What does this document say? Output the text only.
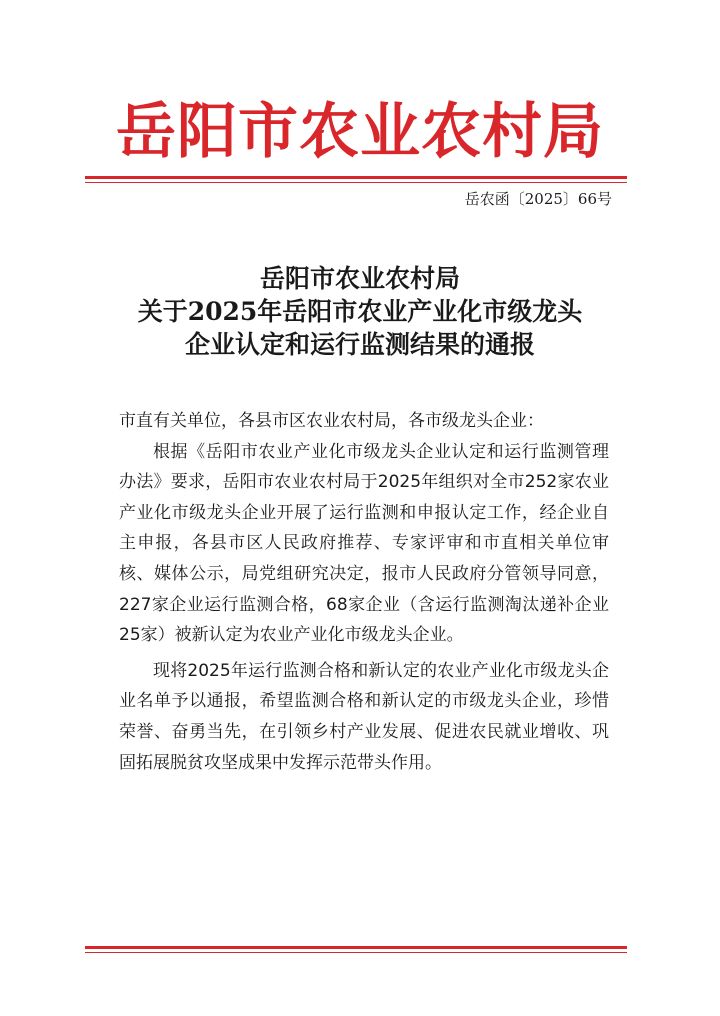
岳阳市农业农村局
岳农函〔2025〕66号
岳阳市农业农村局
关于2025年岳阳市农业产业化市级龙头
企业认定和运行监测结果的通报

市直有关单位，各县市区农业农村局，各市级龙头企业：

根据《岳阳市农业产业化市级龙头企业认定和运行监测管理办法》要求，岳阳市农业农村局于2025年组织对全市252家农业产业化市级龙头企业开展了运行监测和申报认定工作，经企业自主申报，各县市区人民政府推荐、专家评审和市直相关单位审核、媒体公示，局党组研究决定，报市人民政府分管领导同意，227家企业运行监测合格，68家企业（含运行监测淘汰递补企业25家）被新认定为农业产业化市级龙头企业。

现将2025年运行监测合格和新认定的农业产业化市级龙头企业名单予以通报，希望监测合格和新认定的市级龙头企业，珍惜荣誉、奋勇当先，在引领乡村产业发展、促进农民就业增收、巩固拓展脱贫攻坚成果中发挥示范带头作用。
